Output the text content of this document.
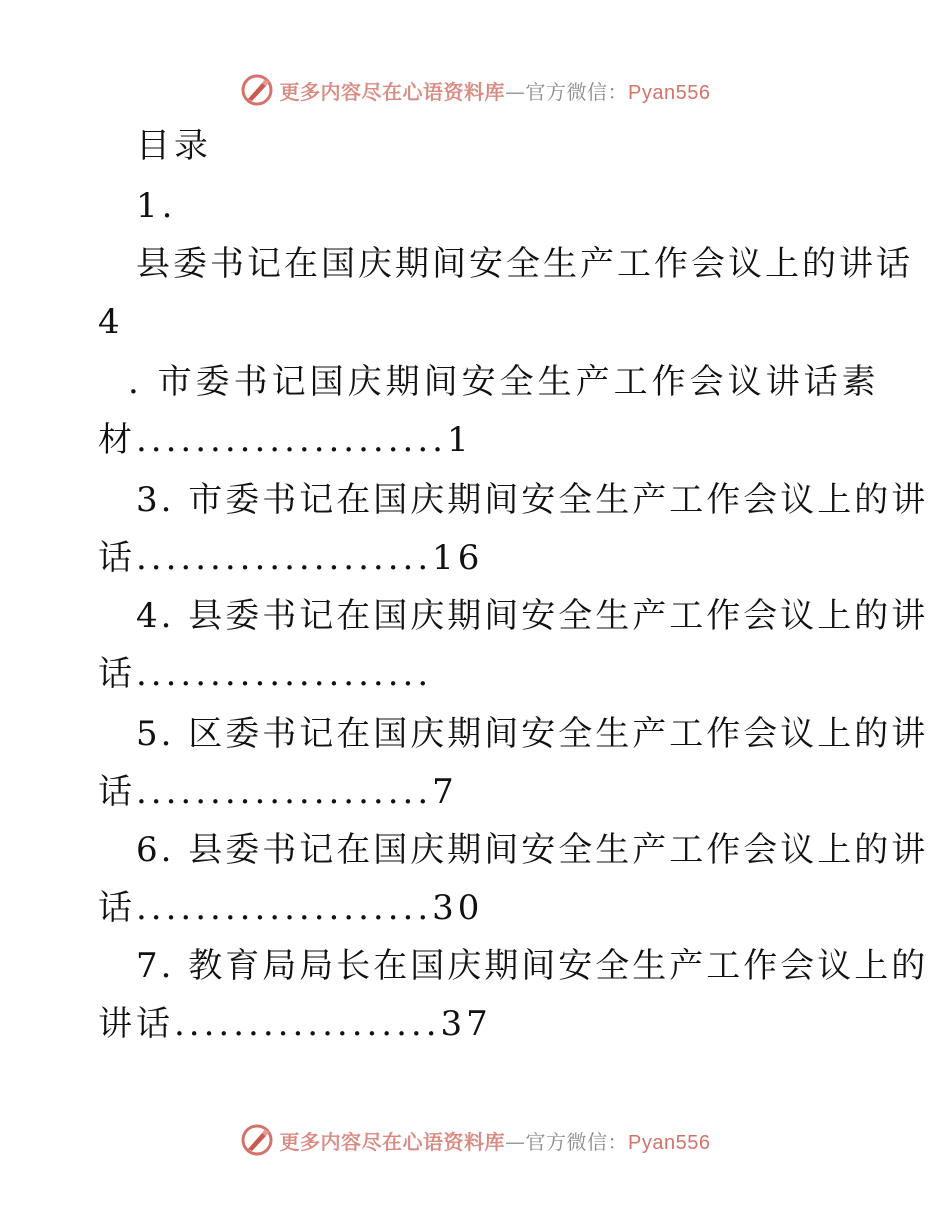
更多内容尽在心语资料库—官方微信：Pyan556
目录
1.
县委书记在国庆期间安全生产工作会议上的讲话
4
. 市委书记国庆期间安全生产工作会议讲话素
材.....................1
3. 市委书记在国庆期间安全生产工作会议上的讲
话....................16
4. 县委书记在国庆期间安全生产工作会议上的讲
话....................
5. 区委书记在国庆期间安全生产工作会议上的讲
话....................7
6. 县委书记在国庆期间安全生产工作会议上的讲
话....................30
7. 教育局局长在国庆期间安全生产工作会议上的
讲话..................37
更多内容尽在心语资料库—官方微信：Pyan556
